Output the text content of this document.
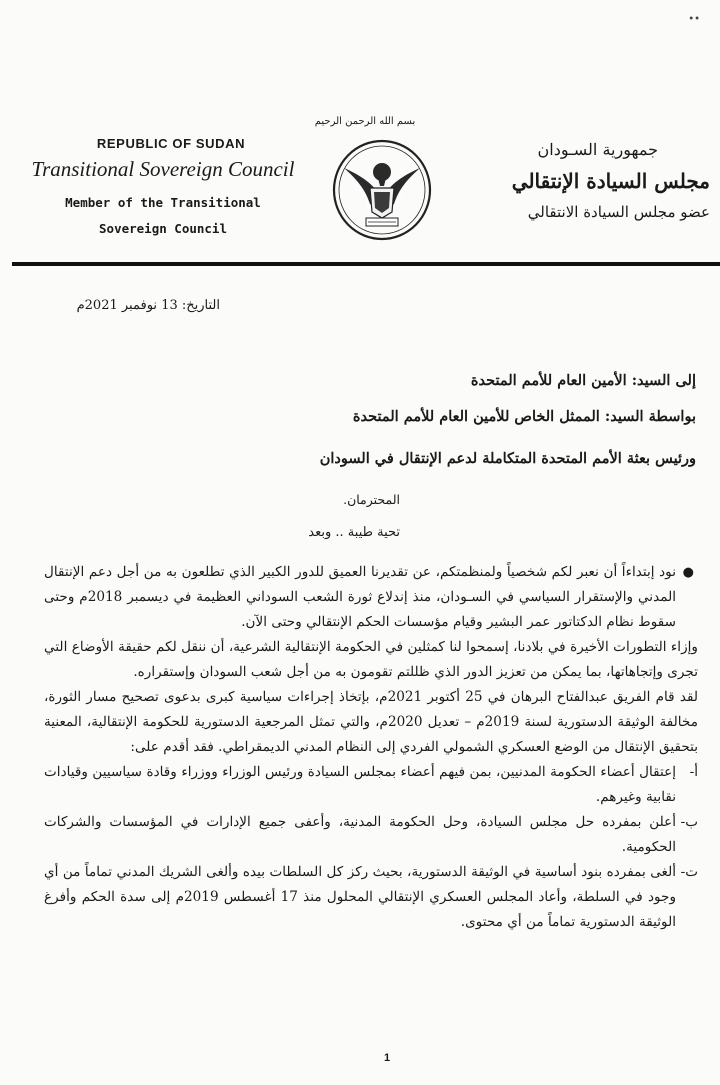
••
بسم الله الرحمن الرحيم
REPUBLIC OF SUDAN
Transitional Sovereign Council
Member of the Transitional
Sovereign Council
جمهورية السـودان
مجلس السيادة الإنتقالي
عضو مجلس السيادة الانتقالي
التاريخ: 13 نوفمبر 2021م
إلى السيد: الأمين العام للأمم المتحدة
بواسطة السيد: الممثل الخاص للأمين العام للأمم المتحدة
ورئيس بعثة الأمم المتحدة المتكاملة لدعم الإنتقال في السودان
المحترمان.
تحية طيبة .. وبعد

●
نود إبتداءاً أن نعبر لكم شخصياً ولمنظمتكم، عن تقديرنا العميق للدور الكبير الذي تطلعون به من أجل دعم الإنتقال المدني والإستقرار السياسي في السـودان، منذ إندلاع ثورة الشعب السوداني العظيمة في ديسمبر 2018م وحتى سقوط نظام الدكتاتور عمر البشير وقيام مؤسسات الحكم الإنتقالي وحتى الآن.

وإزاء التطورات الأخيرة في بلادنا، إسمحوا لنا كمثلين في الحكومة الإنتقالية الشرعية، أن ننقل لكم حقيقة الأوضاع التي تجرى وإتجاهاتها، بما يمكن من تعزيز الدور الذي ظللتم تقومون به من أجل شعب السودان وإستقراره.

لقد قام الفريق عبدالفتاح البرهان في 25 أكتوبر 2021م، بإتخاذ إجراءات سياسية كبرى بدعوى تصحيح مسار الثورة، مخالفة الوثيقة الدستورية لسنة 2019م – تعديل 2020م، والتي تمثل المرجعية الدستورية للحكومة الإنتقالية، المعنية بتحقيق الإنتقال من الوضع العسكري الشمولي الفردي إلى النظام المدني الديمقراطي. فقد أقدم على:

أ-
إعتقال أعضاء الحكومة المدنيين، بمن فيهم أعضاء بمجلس السيادة ورئيس الوزراء ووزراء وقادة سياسيين وقيادات نقابية وغيرهم.

ب-
أعلن بمفرده حل مجلس السيادة، وحل الحكومة المدنية، وأعفى جميع الإدارات في المؤسسات والشركات الحكومية.

ت-
ألغى بمفرده بنود أساسية في الوثيقة الدستورية، بحيث ركز كل السلطات بيده وألغى الشريك المدني تماماً من أي وجود في السلطة، وأعاد المجلس العسكري الإنتقالي المحلول منذ 17 أغسطس 2019م إلى سدة الحكم وأفرغ الوثيقة الدستورية تماماً من أي محتوى.

1
